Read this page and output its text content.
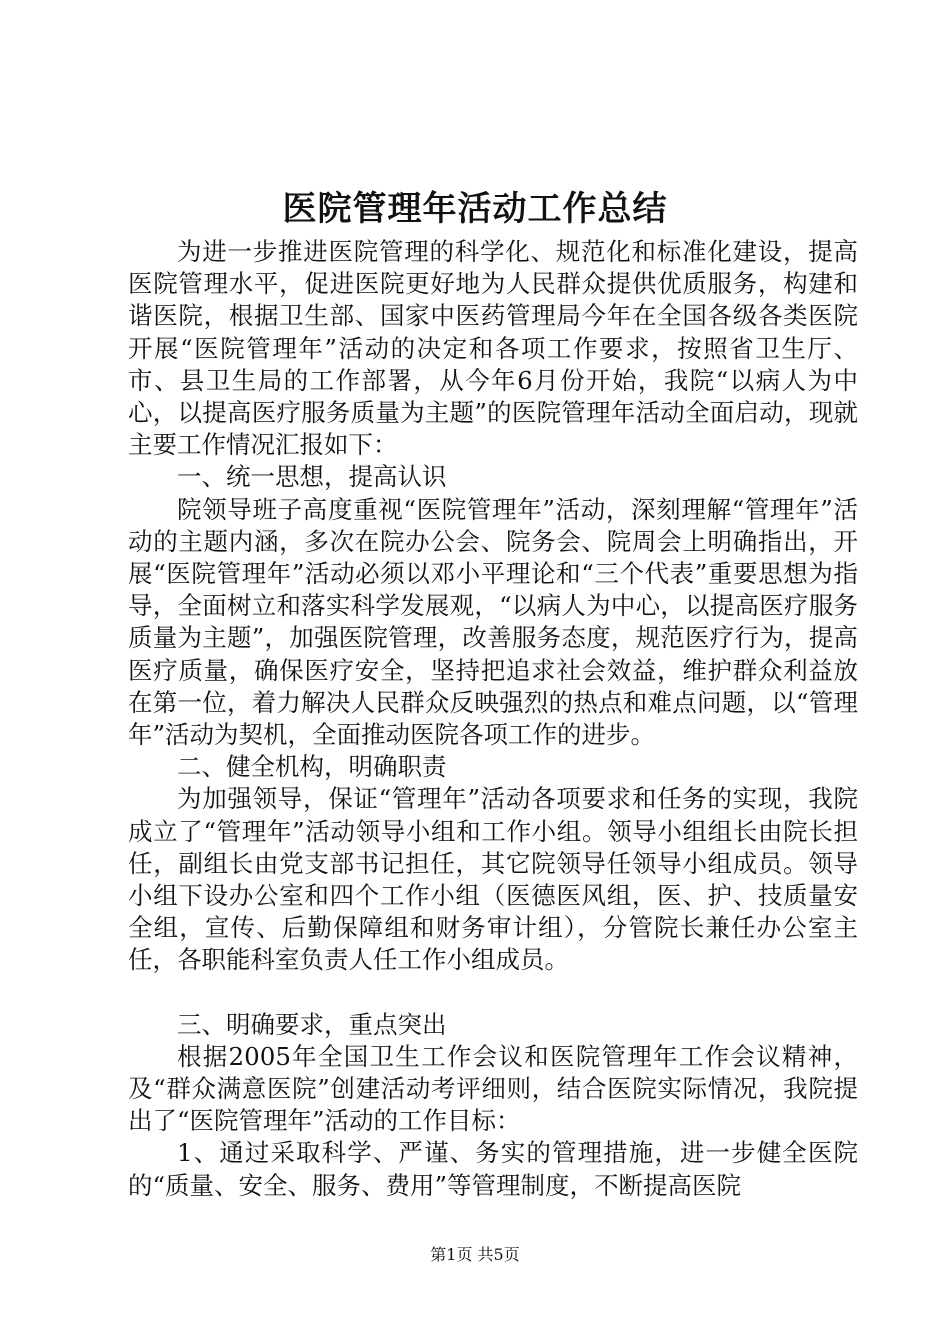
医院管理年活动工作总结

为进一步推进医院管理的科学化、规范化和标准化建设，提高医院管理水平，促进医院更好地为人民群众提供优质服务，构建和谐医院，根据卫生部、国家中医药管理局今年在全国各级各类医院开展“医院管理年”活动的决定和各项工作要求，按照省卫生厅、市、县卫生局的工作部署，从今年6月份开始，我院“以病人为中心，以提高医疗服务质量为主题”的医院管理年活动全面启动，现就主要工作情况汇报如下：

一、统一思想，提高认识

院领导班子高度重视“医院管理年”活动，深刻理解“管理年”活动的主题内涵，多次在院办公会、院务会、院周会上明确指出，开展“医院管理年”活动必须以邓小平理论和“三个代表”重要思想为指导，全面树立和落实科学发展观，“以病人为中心，以提高医疗服务质量为主题”，加强医院管理，改善服务态度，规范医疗行为，提高医疗质量，确保医疗安全，坚持把追求社会效益，维护群众利益放在第一位，着力解决人民群众反映强烈的热点和难点问题，以“管理年”活动为契机，全面推动医院各项工作的进步。

二、健全机构，明确职责

为加强领导，保证“管理年”活动各项要求和任务的实现，我院成立了“管理年”活动领导小组和工作小组。领导小组组长由院长担任，副组长由党支部书记担任，其它院领导任领导小组成员。领导小组下设办公室和四个工作小组（医德医风组，医、护、技质量安全组，宣传、后勤保障组和财务审计组），分管院长兼任办公室主任，各职能科室负责人任工作小组成员。

三、明确要求，重点突出

根据2005年全国卫生工作会议和医院管理年工作会议精神，及“群众满意医院”创建活动考评细则，结合医院实际情况，我院提出了“医院管理年”活动的工作目标：

1、通过采取科学、严谨、务实的管理措施，进一步健全医院的“质量、安全、服务、费用”等管理制度，不断提高医院

第1页 共5页
